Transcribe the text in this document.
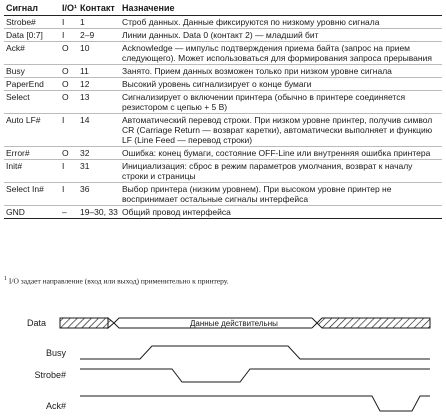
Сигнал	I/O¹	Контакт	Назначение
Strobe#	I	1	Строб данных. Данные фиксируются по низкому уровню сигнала
Data [0:7]	I	2–9	Линии данных. Data 0 (контакт 2) — младший бит
Ack#	O	10	Acknowledge — импульс подтверждения приема байта (запрос на прием следующего). Может использоваться для формирования запроса прерывания
Busy	O	11	Занято. Прием данных возможен только при низком уровне сигнала
PaperEnd	O	12	Высокий уровень сигнализирует о конце бумаги
Select	O	13	Сигнализирует о включении принтера (обычно в принтере соединяется резистором с цепью + 5 В)
Auto LF#	I	14	Автоматический перевод строки. При низком уровне принтер, получив символ CR (Carriage Return — возврат каретки), автоматически выполняет и функцию LF (Line Feed — перевод строки)
Error#	O	32	Ошибка: конец бумаги, состояние OFF-Line или внутренняя ошибка принтера
Init#	I	31	Инициализация: сброс в режим параметров умолчания, возврат к началу строки и страницы
Select In#	I	36	Выбор принтера (низким уровнем). При высоком уровне принтер не воспринимает остальные сигналы интерфейса
GND	–	19–30, 33	Общий провод интерфейса
$^1$ I/O задает направление (вход или выход) применительно к принтеру.
Data	Данные действительны
Busy
Strobe#
Ack#
